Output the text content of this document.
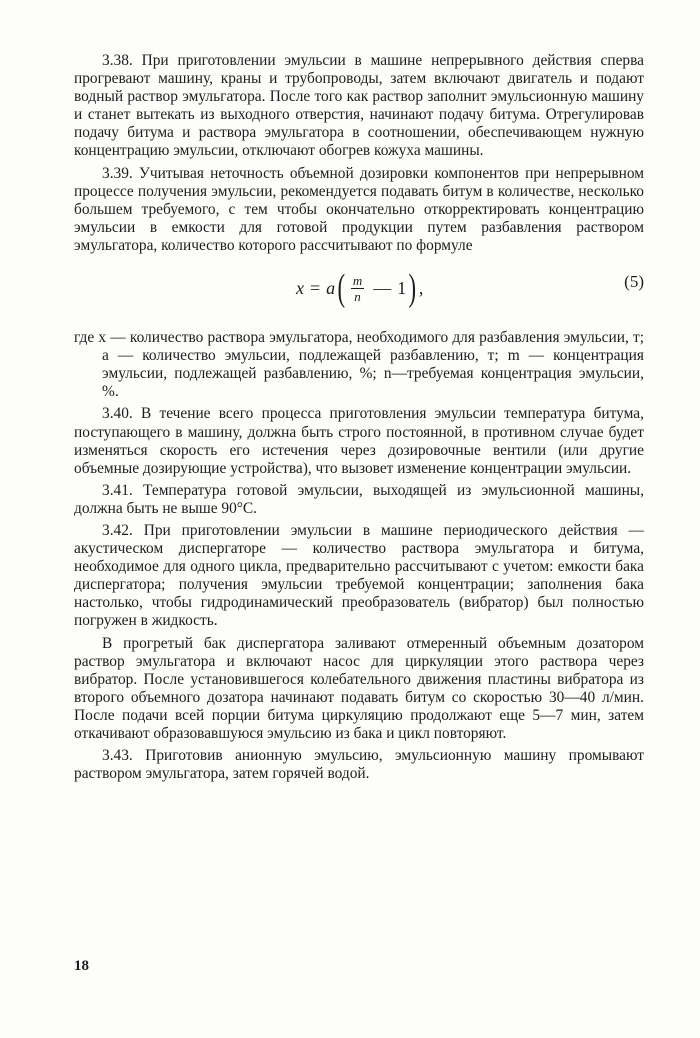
3.38. При приготовлении эмульсии в машине непрерывного действия сперва прогревают машину, краны и трубопроводы, затем включают двигатель и подают водный раствор эмульгатора. После того как раствор заполнит эмульсионную машину и станет вытекать из выходного отверстия, начинают подачу битума. Отрегулировав подачу битума и раствора эмульгатора в соотношении, обеспечивающем нужную концентрацию эмульсии, отключают обогрев кожуха машины.

3.39. Учитывая неточность объемной дозировки компонентов при непрерывном процессе получения эмульсии, рекомендуется подавать битум в количестве, несколько большем требуемого, с тем чтобы окончательно откорректировать концентрацию эмульсии в емкости для готовой продукции путем разбавления раствором эмульгатора, количество которого рассчитывают по формуле

x = a ( $\frac{m}{n}$ — 1 ) ,	(5)

где x — количество раствора эмульгатора, необходимого для разбавления эмульсии, т; a — количество эмульсии, подлежащей разбавлению, т; m — концентрация эмульсии, подлежащей разбавлению, %; n—требуемая концентрация эмульсии, %.

3.40. В течение всего процесса приготовления эмульсии температура битума, поступающего в машину, должна быть строго постоянной, в противном случае будет изменяться скорость его истечения через дозировочные вентили (или другие объемные дозирующие устройства), что вызовет изменение концентрации эмульсии.

3.41. Температура готовой эмульсии, выходящей из эмульсионной машины, должна быть не выше 90°С.

3.42. При приготовлении эмульсии в машине периодического действия — акустическом диспергаторе — количество раствора эмульгатора и битума, необходимое для одного цикла, предварительно рассчитывают с учетом: емкости бака диспергатора; получения эмульсии требуемой концентрации; заполнения бака настолько, чтобы гидродинамический преобразователь (вибратор) был полностью погружен в жидкость.

В прогретый бак диспергатора заливают отмеренный объемным дозатором раствор эмульгатора и включают насос для циркуляции этого раствора через вибратор. После установившегося колебательного движения пластины вибратора из второго объемного дозатора начинают подавать битум со скоростью 30—40 л/мин. После подачи всей порции битума циркуляцию продолжают еще 5—7 мин, затем откачивают образовавшуюся эмульсию из бака и цикл повторяют.

3.43. Приготовив анионную эмульсию, эмульсионную машину промывают раствором эмульгатора, затем горячей водой.

18
